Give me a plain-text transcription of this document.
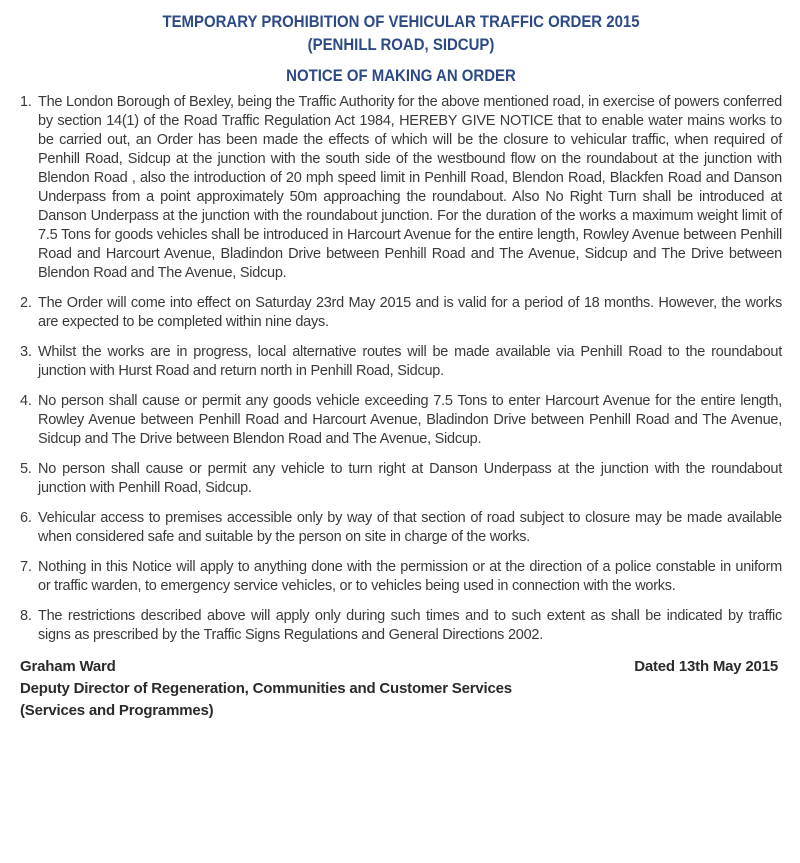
TEMPORARY PROHIBITION OF VEHICULAR TRAFFIC ORDER 2015
(PENHILL ROAD, SIDCUP)
NOTICE OF MAKING AN ORDER
1. The London Borough of Bexley, being the Traffic Authority for the above mentioned road, in exercise of powers conferred by section 14(1) of the Road Traffic Regulation Act 1984, HEREBY GIVE NOTICE that to enable water mains works to be carried out, an Order has been made the effects of which will be the closure to vehicular traffic, when required of Penhill Road, Sidcup at the junction with the south side of the westbound flow on the roundabout at the junction with Blendon Road , also the introduction of 20 mph speed limit in Penhill Road, Blendon Road, Blackfen Road and Danson Underpass from a point approximately 50m approaching the roundabout. Also No Right Turn shall be introduced at Danson Underpass at the junction with the roundabout junction. For the duration of the works a maximum weight limit of 7.5 Tons for goods vehicles shall be introduced in Harcourt Avenue for the entire length, Rowley Avenue between Penhill Road and Harcourt Avenue, Bladindon Drive between Penhill Road and The Avenue, Sidcup and The Drive between Blendon Road and The Avenue, Sidcup.
2. The Order will come into effect on Saturday 23rd May 2015 and is valid for a period of 18 months. However, the works are expected to be completed within nine days.
3. Whilst the works are in progress, local alternative routes will be made available via Penhill Road to the roundabout junction with Hurst Road and return north in Penhill Road, Sidcup.
4. No person shall cause or permit any goods vehicle exceeding 7.5 Tons to enter Harcourt Avenue for the entire length, Rowley Avenue between Penhill Road and Harcourt Avenue, Bladindon Drive between Penhill Road and The Avenue, Sidcup and The Drive between Blendon Road and The Avenue, Sidcup.
5. No person shall cause or permit any vehicle to turn right at Danson Underpass at the junction with the roundabout junction with Penhill Road, Sidcup.
6. Vehicular access to premises accessible only by way of that section of road subject to closure may be made available when considered safe and suitable by the person on site in charge of the works.
7. Nothing in this Notice will apply to anything done with the permission or at the direction of a police constable in uniform or traffic warden, to emergency service vehicles, or to vehicles being used in connection with the works.
8. The restrictions described above will apply only during such times and to such extent as shall be indicated by traffic signs as prescribed by the Traffic Signs Regulations and General Directions 2002.
Graham Ward	Dated 13th May 2015
Deputy Director of Regeneration, Communities and Customer Services
(Services and Programmes)
